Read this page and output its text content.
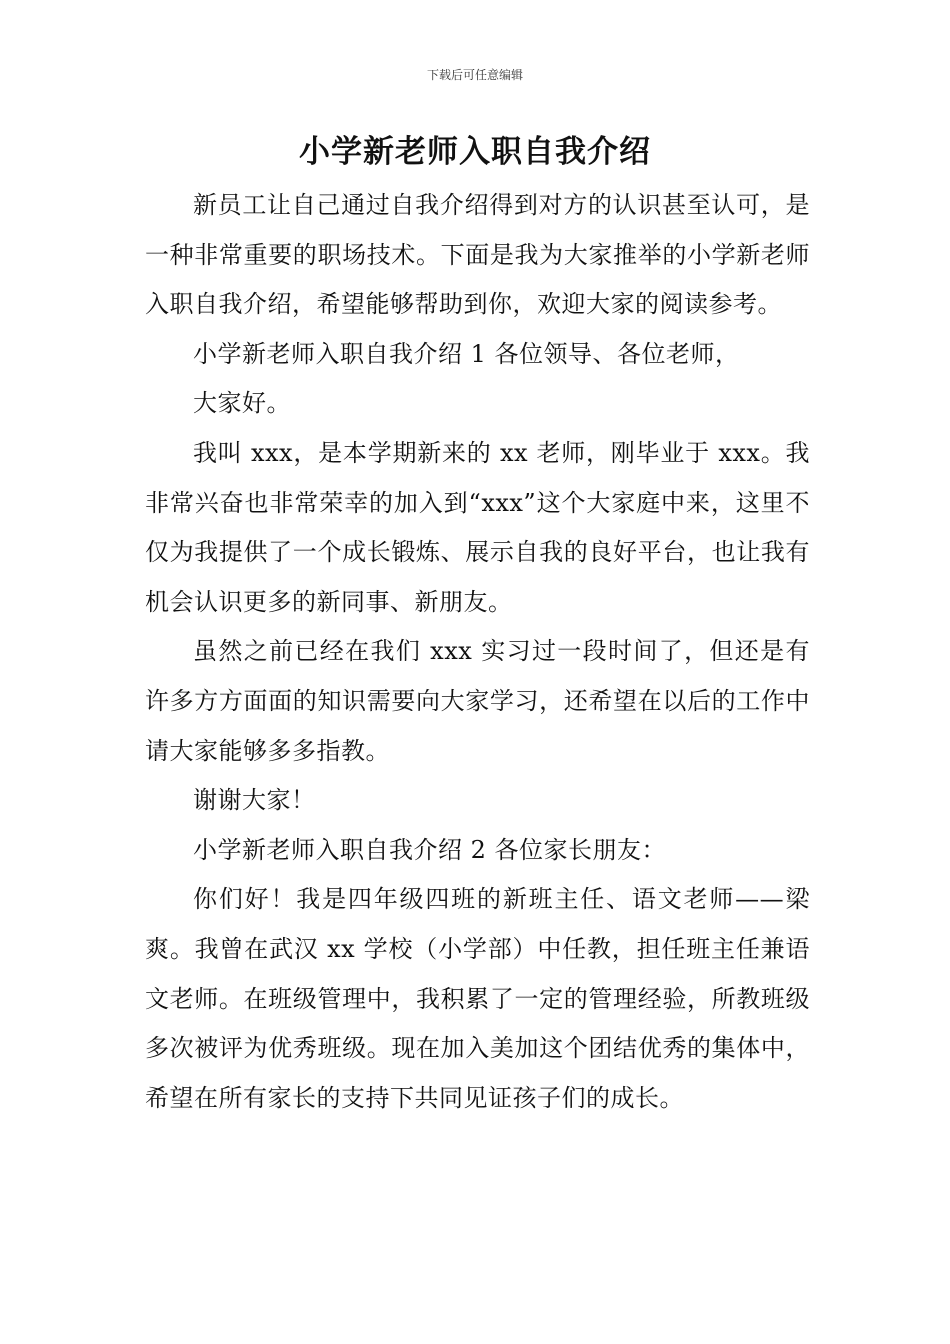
下载后可任意编辑
小学新老师入职自我介绍

新员工让自己通过自我介绍得到对方的认识甚至认可，是一种非常重要的职场技术。下面是我为大家推举的小学新老师入职自我介绍，希望能够帮助到你，欢迎大家的阅读参考。

小学新老师入职自我介绍 1 各位领导、各位老师，

大家好。

我叫 xxx，是本学期新来的 xx 老师，刚毕业于 xxx。我非常兴奋也非常荣幸的加入到“xxx”这个大家庭中来，这里不仅为我提供了一个成长锻炼、展示自我的良好平台，也让我有机会认识更多的新同事、新朋友。

虽然之前已经在我们 xxx 实习过一段时间了，但还是有许多方方面面的知识需要向大家学习，还希望在以后的工作中请大家能够多多指教。

谢谢大家！

小学新老师入职自我介绍 2 各位家长朋友：

你们好！我是四年级四班的新班主任、语文老师——梁爽。我曾在武汉 xx 学校（小学部）中任教，担任班主任兼语文老师。在班级管理中，我积累了一定的管理经验，所教班级多次被评为优秀班级。现在加入美加这个团结优秀的集体中，希望在所有家长的支持下共同见证孩子们的成长。
